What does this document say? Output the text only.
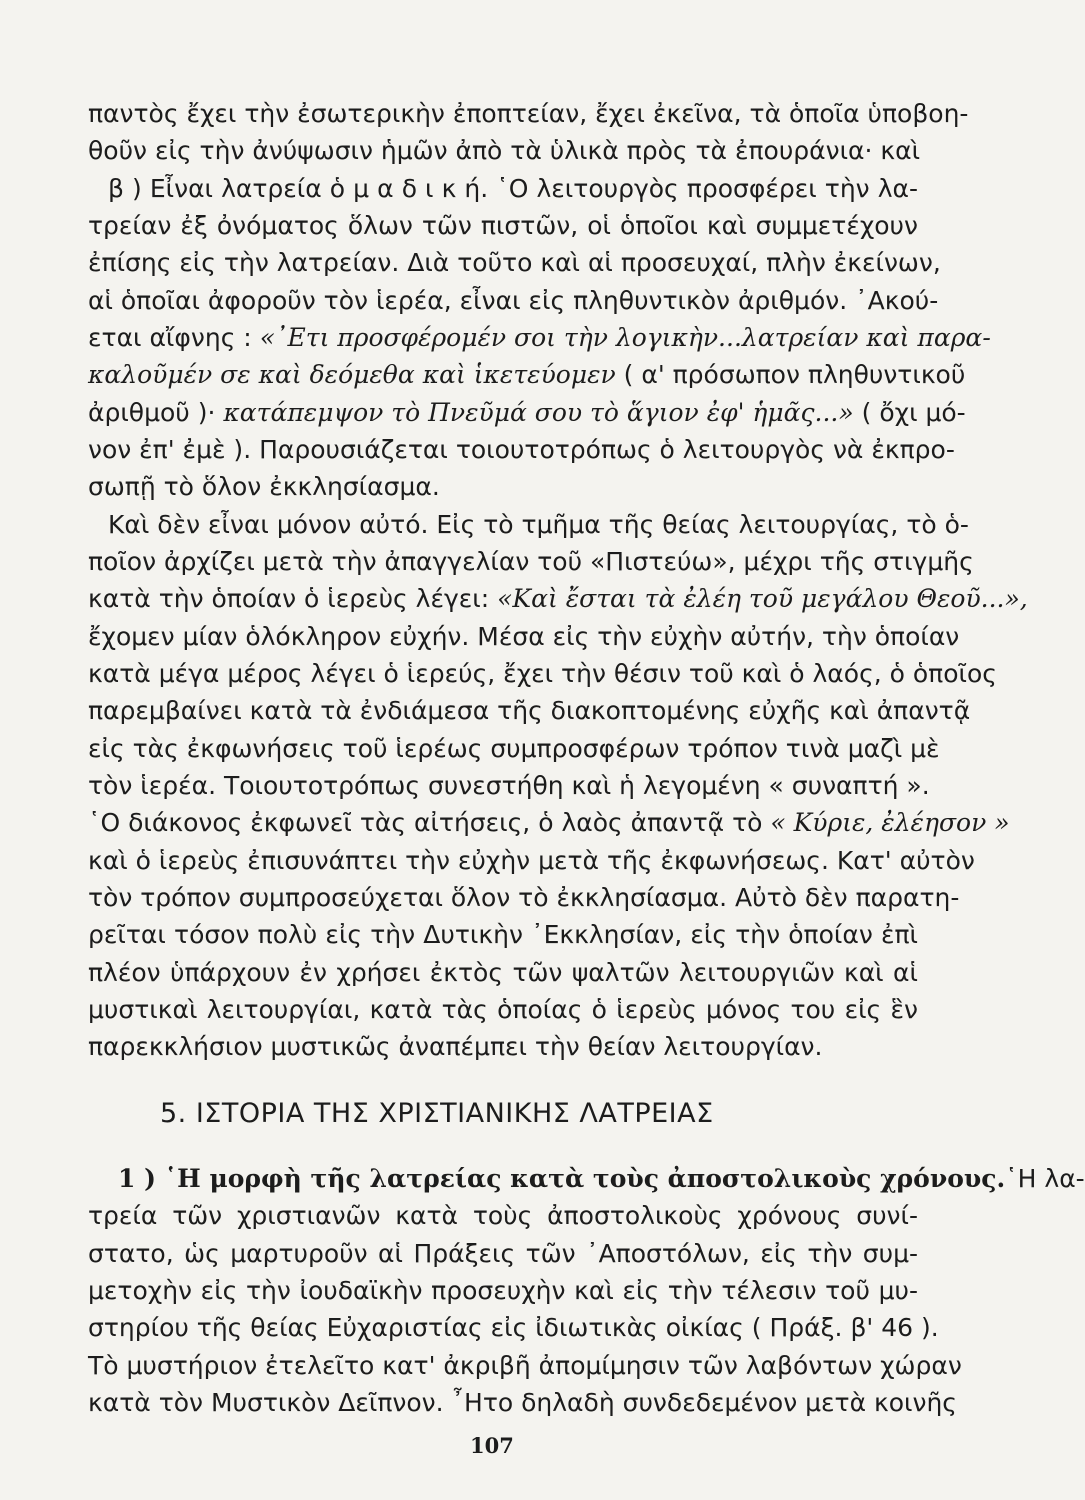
παντὸς ἔχει τὴν ἐσωτερικὴν ἐποπτείαν, ἔχει ἐκεῖνα, τὰ ὁποῖα ὑποβοη-
θοῦν εἰς τὴν ἀνύψωσιν ἡμῶν ἀπὸ τὰ ὑλικὰ πρὸς τὰ ἐπουράνια· καὶ
β ) Εἶναι λατρεία ὁ μ α δ ι κ ή. ῾Ο λειτουργὸς προσφέρει τὴν λα-
τρείαν ἐξ ὀνόματος ὅλων τῶν πιστῶν, οἱ ὁποῖοι καὶ συμμετέχουν
ἐπίσης εἰς τὴν λατρείαν. Διὰ τοῦτο καὶ αἱ προσευχαί, πλὴν ἐκείνων,
αἱ ὁποῖαι ἀφοροῦν τὸν ἱερέα, εἶναι εἰς πληθυντικὸν ἀριθμόν. ᾿Ακού-
εται αἴφνης : «᾿Ετι προσφέρομέν σοι τὴν λογικὴν...λατρείαν καὶ παρα-
καλοῦμέν σε καὶ δεόμεθα καὶ ἱκετεύομεν ( α' πρόσωπον πληθυντικοῦ
ἀριθμοῦ )· κατάπεμψον τὸ Πνεῦμά σου τὸ ἅγιον ἐφ' ἡμᾶς...» ( ὄχι μό-
νον ἐπ' ἐμὲ ). Παρουσιάζεται τοιουτοτρόπως ὁ λειτουργὸς νὰ ἐκπρο-
σωπῇ τὸ ὅλον ἐκκλησίασμα.
Καὶ δὲν εἶναι μόνον αὐτό. Εἰς τὸ τμῆμα τῆς θείας λειτουργίας, τὸ ὁ-
ποῖον ἀρχίζει μετὰ τὴν ἀπαγγελίαν τοῦ «Πιστεύω», μέχρι τῆς στιγμῆς
κατὰ τὴν ὁποίαν ὁ ἱερεὺς λέγει: «Καὶ ἔσται τὰ ἐλέη τοῦ μεγάλου Θεοῦ...»,
ἔχομεν μίαν ὁλόκληρον εὐχήν. Μέσα εἰς τὴν εὐχὴν αὐτήν, τὴν ὁποίαν
κατὰ μέγα μέρος λέγει ὁ ἱερεύς, ἔχει τὴν θέσιν τοῦ καὶ ὁ λαός, ὁ ὁποῖος
παρεμβαίνει κατὰ τὰ ἐνδιάμεσα τῆς διακοπτομένης εὐχῆς καὶ ἀπαντᾷ
εἰς τὰς ἐκφωνήσεις τοῦ ἱερέως συμπροσφέρων τρόπον τινὰ μαζὶ μὲ
τὸν ἱερέα. Τοιουτοτρόπως συνεστήθη καὶ ἡ λεγομένη « συναπτή ».
῾Ο διάκονος ἐκφωνεῖ τὰς αἰτήσεις, ὁ λαὸς ἀπαντᾷ τὸ « Κύριε, ἐλέησον »
καὶ ὁ ἱερεὺς ἐπισυνάπτει τὴν εὐχὴν μετὰ τῆς ἐκφωνήσεως. Κατ' αὐτὸν
τὸν τρόπον συμπροσεύχεται ὅλον τὸ ἐκκλησίασμα. Αὐτὸ δὲν παρατη-
ρεῖται τόσον πολὺ εἰς τὴν Δυτικὴν ᾿Εκκλησίαν, εἰς τὴν ὁποίαν ἐπὶ
πλέον ὑπάρχουν ἐν χρήσει ἐκτὸς τῶν ψαλτῶν λειτουργιῶν καὶ αἱ
μυστικαὶ λειτουργίαι, κατὰ τὰς ὁποίας ὁ ἱερεὺς μόνος του εἰς ἓν
παρεκκλήσιον μυστικῶς ἀναπέμπει τὴν θείαν λειτουργίαν.
5. ΙΣΤΟΡΙΑ ΤΗΣ ΧΡΙΣΤΙΑΝΙΚΗΣ ΛΑΤΡΕΙΑΣ
1 ) ῾Η μορφὴ τῆς λατρείας κατὰ τοὺς ἀποστολικοὺς χρόνους.῾Η λα-
τρεία τῶν χριστιανῶν κατὰ τοὺς ἀποστολικοὺς χρόνους συνί-
στατο, ὡς μαρτυροῦν αἱ Πράξεις τῶν ᾿Αποστόλων, εἰς τὴν συμ-
μετοχὴν εἰς τὴν ἰουδαϊκὴν προσευχὴν καὶ εἰς τὴν τέλεσιν τοῦ μυ-
στηρίου τῆς θείας Εὐχαριστίας εἰς ἰδιωτικὰς οἰκίας ( Πράξ. β' 46 ).
Τὸ μυστήριον ἐτελεῖτο κατ' ἀκριβῆ ἀπομίμησιν τῶν λαβόντων χώραν
κατὰ τὸν Μυστικὸν Δεῖπνον. ῏Ητο δηλαδὴ συνδεδεμένον μετὰ κοινῆς
107
